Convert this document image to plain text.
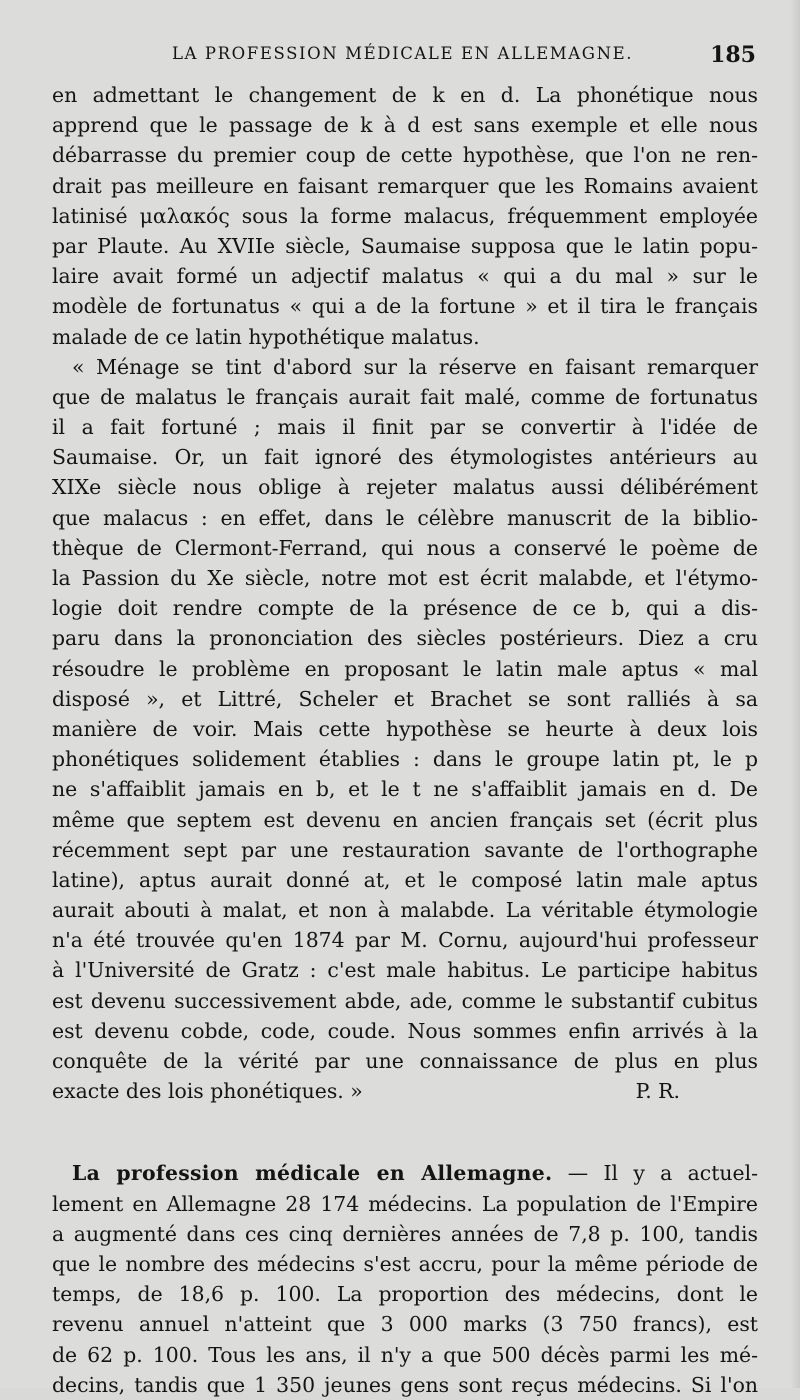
LA PROFESSION MÉDICALE EN ALLEMAGNE.	185
en admettant le changement de k en d. La phonétique nous
apprend que le passage de k à d est sans exemple et elle nous
débarrasse du premier coup de cette hypothèse, que l'on ne ren-
drait pas meilleure en faisant remarquer que les Romains avaient
latinisé μαλακός sous la forme malacus, fréquemment employée
par Plaute. Au XVIIe siècle, Saumaise supposa que le latin popu-
laire avait formé un adjectif malatus « qui a du mal » sur le
modèle de fortunatus « qui a de la fortune » et il tira le français
malade de ce latin hypothétique malatus.
« Ménage se tint d'abord sur la réserve en faisant remarquer
que de malatus le français aurait fait malé, comme de fortunatus
il a fait fortuné ; mais il finit par se convertir à l'idée de
Saumaise. Or, un fait ignoré des étymologistes antérieurs au
XIXe siècle nous oblige à rejeter malatus aussi délibérément
que malacus : en effet, dans le célèbre manuscrit de la biblio-
thèque de Clermont-Ferrand, qui nous a conservé le poème de
la Passion du Xe siècle, notre mot est écrit malabde, et l'étymo-
logie doit rendre compte de la présence de ce b, qui a dis-
paru dans la prononciation des siècles postérieurs. Diez a cru
résoudre le problème en proposant le latin male aptus « mal
disposé », et Littré, Scheler et Brachet se sont ralliés à sa
manière de voir. Mais cette hypothèse se heurte à deux lois
phonétiques solidement établies : dans le groupe latin pt, le p
ne s'affaiblit jamais en b, et le t ne s'affaiblit jamais en d. De
même que septem est devenu en ancien français set (écrit plus
récemment sept par une restauration savante de l'orthographe
latine), aptus aurait donné at, et le composé latin male aptus
aurait abouti à malat, et non à malabde. La véritable étymologie
n'a été trouvée qu'en 1874 par M. Cornu, aujourd'hui professeur
à l'Université de Gratz : c'est male habitus. Le participe habitus
est devenu successivement abde, ade, comme le substantif cubitus
est devenu cobde, code, coude. Nous sommes enfin arrivés à la
conquête de la vérité par une connaissance de plus en plus
exacte des lois phonétiques. »	P. R.
La profession médicale en Allemagne. — Il y a actuel-
lement en Allemagne 28 174 médecins. La population de l'Empire
a augmenté dans ces cinq dernières années de 7,8 p. 100, tandis
que le nombre des médecins s'est accru, pour la même période de
temps, de 18,6 p. 100. La proportion des médecins, dont le
revenu annuel n'atteint que 3 000 marks (3 750 francs), est
de 62 p. 100. Tous les ans, il n'y a que 500 décès parmi les mé-
decins, tandis que 1 350 jeunes gens sont reçus médecins. Si l'on
